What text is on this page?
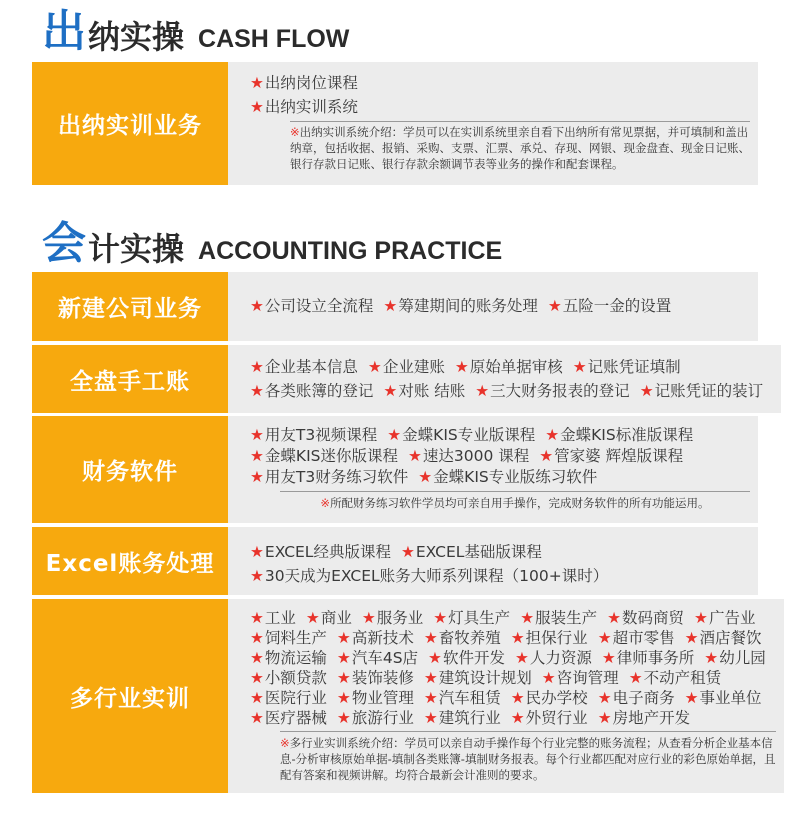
出 纳实操 CASH FLOW
出纳实训业务
★出纳岗位课程
★出纳实训系统
※出纳实训系统介绍：学员可以在实训系统里亲自看下出纳所有常见票据，并可填制和盖出纳章，包括收据、报销、采购、支票、汇票、承兑、存现、网银、现金盘查、现金日记账、银行存款日记账、银行存款余额调节表等业务的操作和配套课程。
会 计实操 ACCOUNTING PRACTICE
新建公司业务	★公司设立全流程 ★筹建期间的账务处理 ★五险一金的设置
全盘手工账
★企业基本信息 ★企业建账 ★原始单据审核 ★记账凭证填制
★各类账簿的登记 ★对账 结账 ★三大财务报表的登记 ★记账凭证的装订
财务软件
★用友T3视频课程 ★金蝶KIS专业版课程 ★金蝶KIS标准版课程
★金蝶KIS迷你版课程 ★速达3000 课程 ★管家婆 辉煌版课程
★用友T3财务练习软件 ★金蝶KIS专业版练习软件
※所配财务练习软件学员均可亲自用手操作，完成财务软件的所有功能运用。
Excel账务处理	★EXCEL经典版课程 ★EXCEL基础版课程
★30天成为EXCEL账务大师系列课程（100+课时）
多行业实训
★工业 ★商业 ★服务业 ★灯具生产 ★服装生产 ★数码商贸 ★广告业
★饲料生产 ★高新技术 ★畜牧养殖 ★担保行业 ★超市零售 ★酒店餐饮
★物流运输 ★汽车4S店 ★软件开发 ★人力资源 ★律师事务所 ★幼儿园
★小额贷款 ★装饰装修 ★建筑设计规划 ★咨询管理 ★不动产租赁
★医院行业 ★物业管理 ★汽车租赁 ★民办学校 ★电子商务 ★事业单位
★医疗器械 ★旅游行业 ★建筑行业 ★外贸行业 ★房地产开发
※多行业实训系统介绍：学员可以亲自动手操作每个行业完整的账务流程；从查看分析企业基本信息-分析审核原始单据-填制各类账簿-填制财务报表。每个行业都匹配对应行业的彩色原始单据，且配有答案和视频讲解。均符合最新会计准则的要求。
